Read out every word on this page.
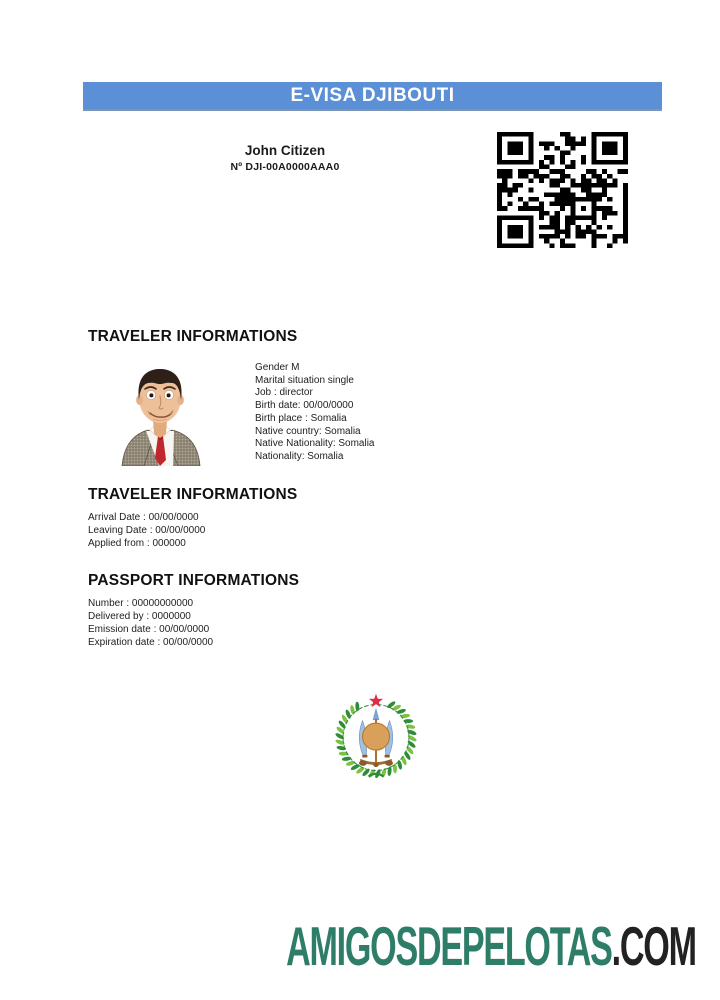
E-VISA DJIBOUTI
John Citizen
Nº DJI-00A0000AAA0
TRAVELER INFORMATIONS
Gender M
Marital situation single
Job : director
Birth date: 00/00/0000
Birth place : Somalia
Native country: Somalia
Native Nationality: Somalia
Nationality: Somalia
TRAVELER INFORMATIONS
Arrival Date : 00/00/0000
Leaving Date : 00/00/0000
Applied from : 000000
PASSPORT INFORMATIONS
Number : 00000000000
Delivered by : 0000000
Emission date : 00/00/0000
Expiration date : 00/00/0000
AMIGOSDEPELOTAS.COM
